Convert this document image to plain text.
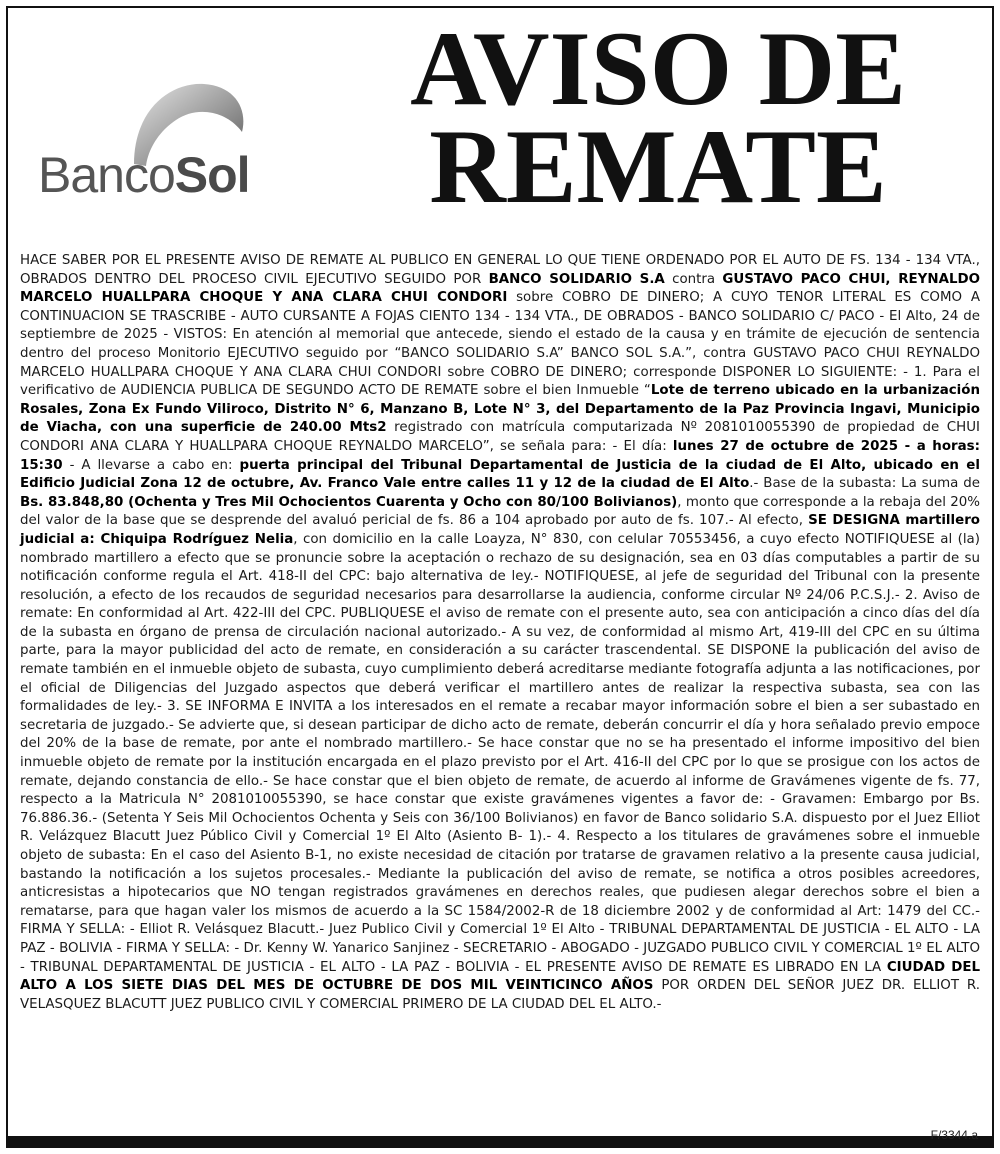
BancoSol
AVISO DE
REMATE
HACE SABER POR EL PRESENTE AVISO DE REMATE AL PUBLICO EN GENERAL LO QUE TIENE ORDENADO POR EL AUTO DE FS. 134 - 134 VTA., OBRADOS DENTRO DEL PROCESO CIVIL EJECUTIVO SEGUIDO POR BANCO SOLIDARIO S.A contra GUSTAVO PACO CHUI, REYNALDO MARCELO HUALLPARA CHOQUE Y ANA CLARA CHUI CONDORI sobre COBRO DE DINERO; A CUYO TENOR LITERAL ES COMO A CONTINUACION SE TRASCRIBE - AUTO CURSANTE A FOJAS CIENTO 134 - 134 VTA., DE OBRADOS - BANCO SOLIDARIO C/ PACO - El Alto, 24 de septiembre de 2025 - VISTOS: En atención al memorial que antecede, siendo el estado de la causa y en trámite de ejecución de sentencia dentro del proceso Monitorio EJECUTIVO seguido por “BANCO SOLIDARIO S.A” BANCO SOL S.A.”, contra GUSTAVO PACO CHUI REYNALDO MARCELO HUALLPARA CHOQUE Y ANA CLARA CHUI CONDORI sobre COBRO DE DINERO; corresponde DISPONER LO SIGUIENTE: - 1. Para el verificativo de AUDIENCIA PUBLICA DE SEGUNDO ACTO DE REMATE sobre el bien Inmueble “Lote de terreno ubicado en la urbanización Rosales, Zona Ex Fundo Viliroco, Distrito N° 6, Manzano B, Lote N° 3, del Departamento de la Paz Provincia Ingavi, Municipio de Viacha, con una superficie de 240.00 Mts2 registrado con matrícula computarizada Nº 2081010055390 de propiedad de CHUI CONDORI ANA CLARA Y HUALLPARA CHOQUE REYNALDO MARCELO”, se señala para: - El día: lunes 27 de octubre de 2025 - a horas: 15:30 - A llevarse a cabo en: puerta principal del Tribunal Departamental de Justicia de la ciudad de El Alto, ubicado en el Edificio Judicial Zona 12 de octubre, Av. Franco Vale entre calles 11 y 12 de la ciudad de El Alto.- Base de la subasta: La suma de Bs. 83.848,80 (Ochenta y Tres Mil Ochocientos Cuarenta y Ocho con 80/100 Bolivianos), monto que corresponde a la rebaja del 20% del valor de la base que se desprende del avaluó pericial de fs. 86 a 104 aprobado por auto de fs. 107.- Al efecto, SE DESIGNA martillero judicial a: Chiquipa Rodríguez Nelia, con domicilio en la calle Loayza, N° 830, con celular 70553456, a cuyo efecto NOTIFIQUESE al (la) nombrado martillero a efecto que se pronuncie sobre la aceptación o rechazo de su designación, sea en 03 días computables a partir de su notificación conforme regula el Art. 418-II del CPC: bajo alternativa de ley.- NOTIFIQUESE, al jefe de seguridad del Tribunal con la presente resolución, a efecto de los recaudos de seguridad necesarios para desarrollarse la audiencia, conforme circular Nº 24/06 P.C.S.J.- 2. Aviso de remate: En conformidad al Art. 422-III del CPC. PUBLIQUESE el aviso de remate con el presente auto, sea con anticipación a cinco días del día de la subasta en órgano de prensa de circulación nacional autorizado.- A su vez, de conformidad al mismo Art, 419-III del CPC en su última parte, para la mayor publicidad del acto de remate, en consideración a su carácter trascendental. SE DISPONE la publicación del aviso de remate también en el inmueble objeto de subasta, cuyo cumplimiento deberá acreditarse mediante fotografía adjunta a las notificaciones, por el oficial de Diligencias del Juzgado aspectos que deberá verificar el martillero antes de realizar la respectiva subasta, sea con las formalidades de ley.- 3. SE INFORMA E INVITA a los interesados en el remate a recabar mayor información sobre el bien a ser subastado en secretaria de juzgado.- Se advierte que, si desean participar de dicho acto de remate, deberán concurrir el día y hora señalado previo empoce del 20% de la base de remate, por ante el nombrado martillero.- Se hace constar que no se ha presentado el informe impositivo del bien inmueble objeto de remate por la institución encargada en el plazo previsto por el Art. 416-II del CPC por lo que se prosigue con los actos de remate, dejando constancia de ello.- Se hace constar que el bien objeto de remate, de acuerdo al informe de Gravámenes vigente de fs. 77, respecto a la Matricula N° 2081010055390, se hace constar que existe gravámenes vigentes a favor de: - Gravamen: Embargo por Bs. 76.886.36.- (Setenta Y Seis Mil Ochocientos Ochenta y Seis con 36/100 Bolivianos) en favor de Banco solidario S.A. dispuesto por el Juez Elliot R. Velázquez Blacutt Juez Público Civil y Comercial 1º El Alto (Asiento B- 1).- 4. Respecto a los titulares de gravámenes sobre el inmueble objeto de subasta: En el caso del Asiento B-1, no existe necesidad de citación por tratarse de gravamen relativo a la presente causa judicial, bastando la notificación a los sujetos procesales.- Mediante la publicación del aviso de remate, se notifica a otros posibles acreedores, anticresistas a hipotecarios que NO tengan registrados gravámenes en derechos reales, que pudiesen alegar derechos sobre el bien a rematarse, para que hagan valer los mismos de acuerdo a la SC 1584/2002-R de 18 diciembre 2002 y de conformidad al Art: 1479 del CC.- FIRMA Y SELLA: - Elliot R. Velásquez Blacutt.- Juez Publico Civil y Comercial 1º El Alto - TRIBUNAL DEPARTAMENTAL DE JUSTICIA - EL ALTO - LA PAZ - BOLIVIA - FIRMA Y SELLA: - Dr. Kenny W. Yanarico Sanjinez - SECRETARIO - ABOGADO - JUZGADO PUBLICO CIVIL Y COMERCIAL 1º EL ALTO - TRIBUNAL DEPARTAMENTAL DE JUSTICIA - EL ALTO - LA PAZ - BOLIVIA - EL PRESENTE AVISO DE REMATE ES LIBRADO EN LA CIUDAD DEL ALTO A LOS SIETE DIAS DEL MES DE OCTUBRE DE DOS MIL VEINTICINCO AÑOS POR ORDEN DEL SEÑOR JUEZ DR. ELLIOT R. VELASQUEZ BLACUTT JUEZ PUBLICO CIVIL Y COMERCIAL PRIMERO DE LA CIUDAD DEL EL ALTO.-
F/3344.a
